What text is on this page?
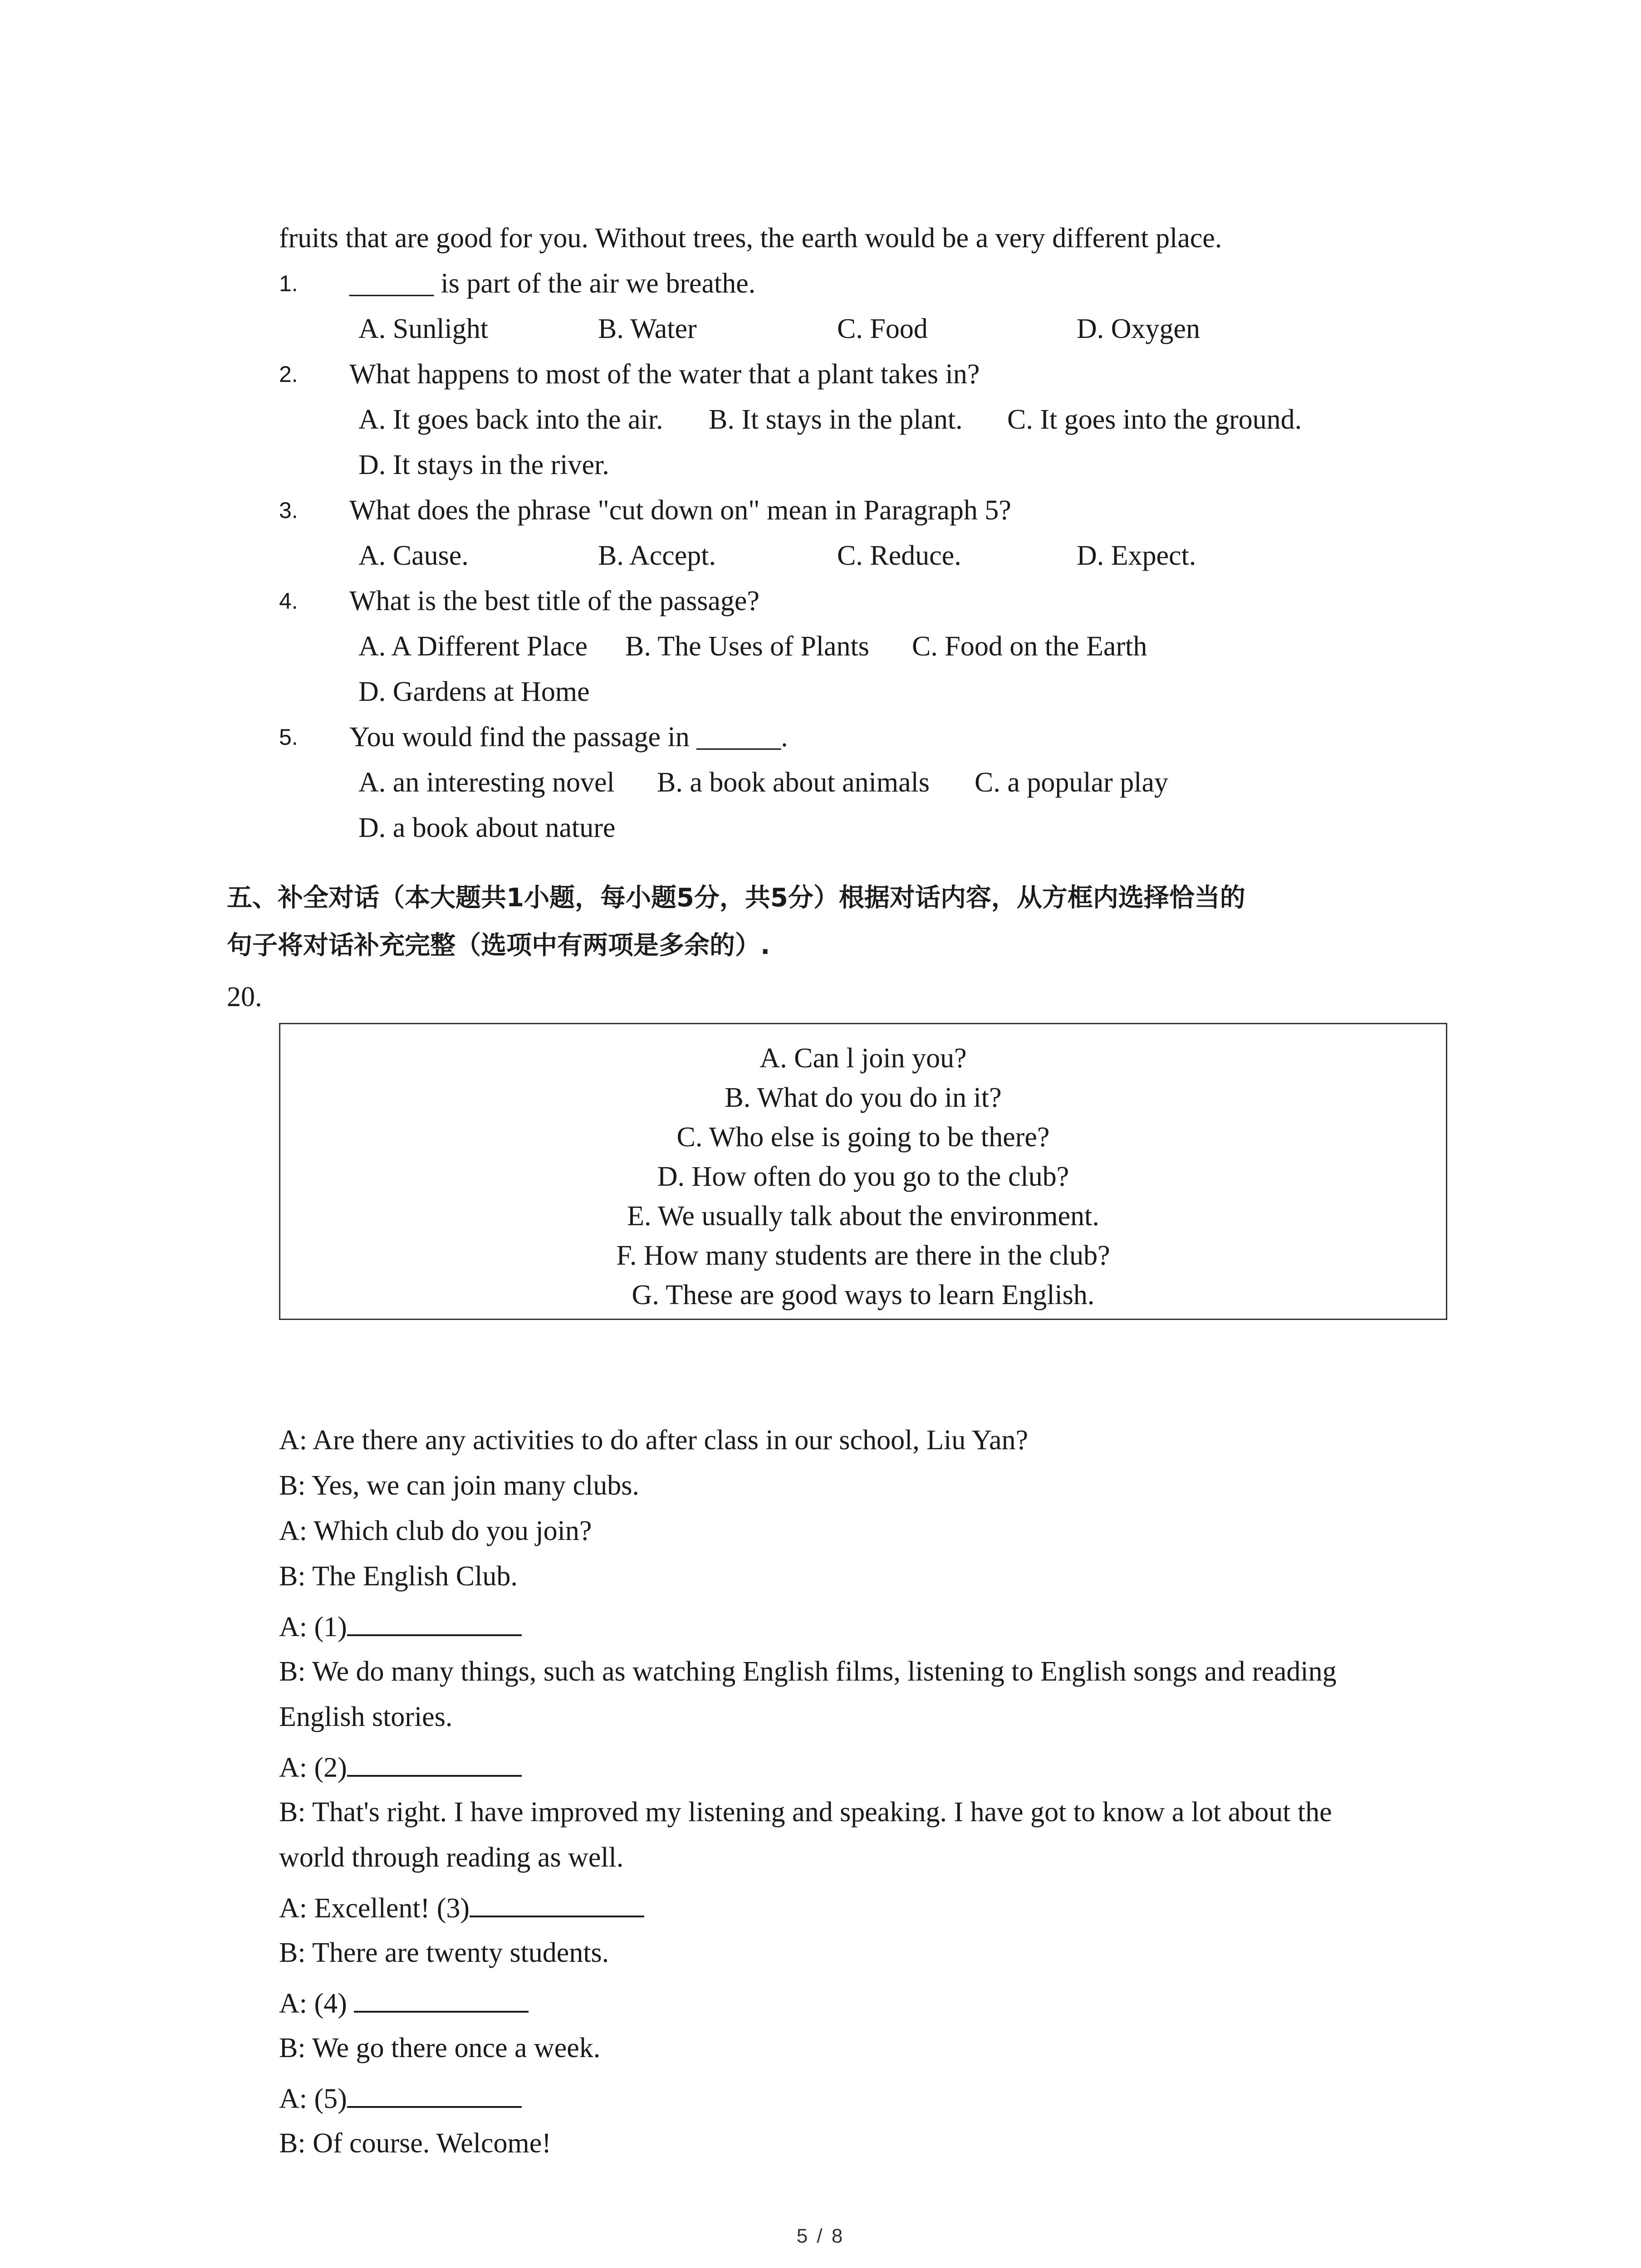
fruits that are good for you. Without trees, the earth would be a very different place.
1. ______ is part of the air we breathe.
A. Sunlight	B. Water	C. Food	D. Oxygen
2. What happens to most of the water that a plant takes in?
A. It goes back into the air. B. It stays in the plant. C. It goes into the ground.
D. It stays in the river.
3. What does the phrase "cut down on" mean in Paragraph 5?
A. Cause.	B. Accept.	C. Reduce.	D. Expect.
4. What is the best title of the passage?
A. A Different Place B. The Uses of Plants C. Food on the Earth
D. Gardens at Home
5. You would find the passage in ______.
A. an interesting novel B. a book about animals C. a popular play
D. a book about nature
五、补全对话（本大题共1小题，每小题5分，共5分）根据对话内容，从方框内选择恰当的
句子将对话补充完整（选项中有两项是多余的）.
20.
A. Can l join you?
B. What do you do in it?
C. Who else is going to be there?
D. How often do you go to the club?
E. We usually talk about the environment.
F. How many students are there in the club?
G. These are good ways to learn English.
A: Are there any activities to do after class in our school, Liu Yan?
B: Yes, we can join many clubs.
A: Which club do you join?
B: The English Club.
A: (1)
B: We do many things, such as watching English films, listening to English songs and reading
English stories.
A: (2)
B: That's right. I have improved my listening and speaking. I have got to know a lot about the
world through reading as well.
A: Excellent! (3)
B: There are twenty students.
A: (4)
B: We go there once a week.
A: (5)
B: Of course. Welcome!
5 / 8
